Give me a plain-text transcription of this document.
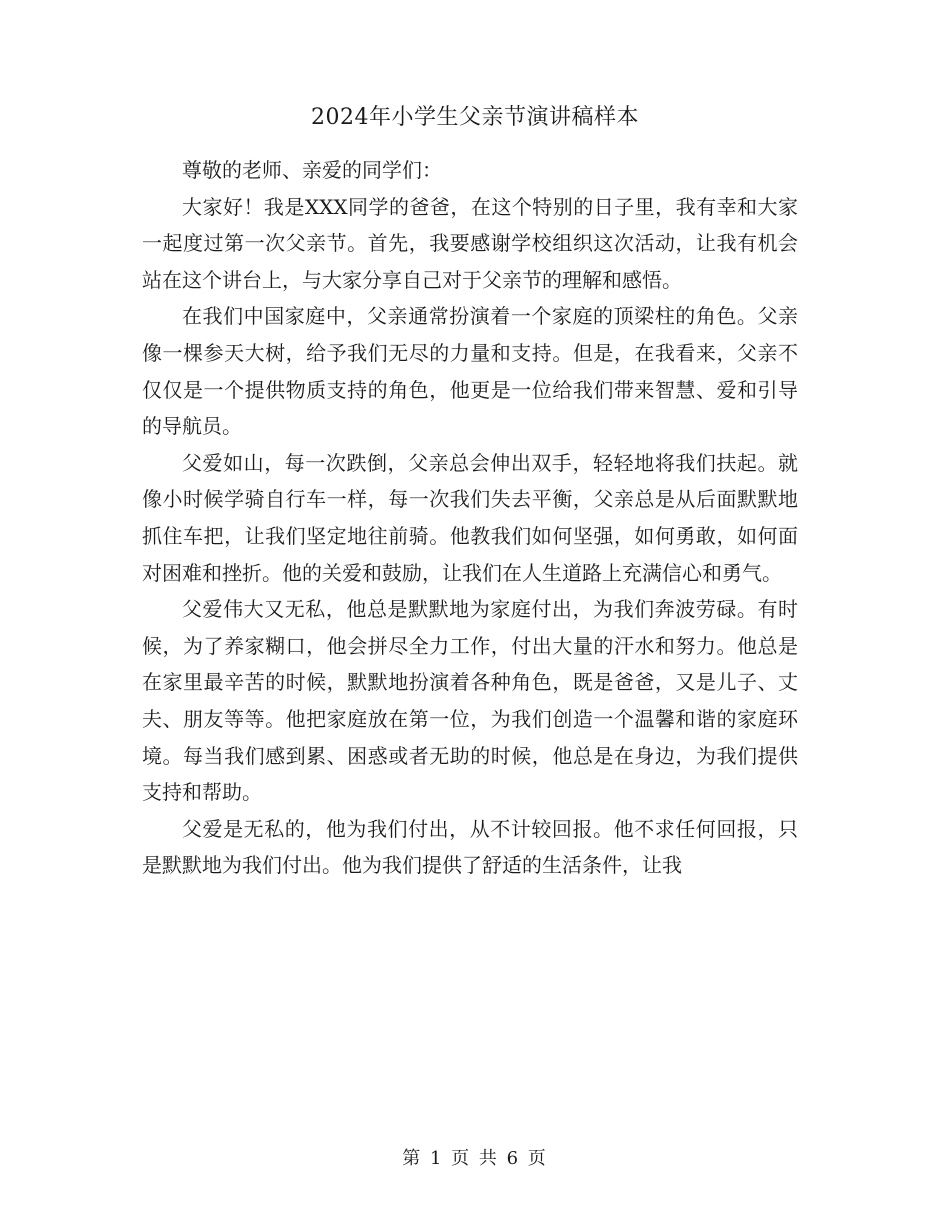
2024年小学生父亲节演讲稿样本

尊敬的老师、亲爱的同学们：

大家好！我是XXX同学的爸爸，在这个特别的日子里，我有幸和大家一起度过第一次父亲节。首先，我要感谢学校组织这次活动，让我有机会站在这个讲台上，与大家分享自己对于父亲节的理解和感悟。

在我们中国家庭中，父亲通常扮演着一个家庭的顶梁柱的角色。父亲像一棵参天大树，给予我们无尽的力量和支持。但是，在我看来，父亲不仅仅是一个提供物质支持的角色，他更是一位给我们带来智慧、爱和引导的导航员。

父爱如山，每一次跌倒，父亲总会伸出双手，轻轻地将我们扶起。就像小时候学骑自行车一样，每一次我们失去平衡，父亲总是从后面默默地抓住车把，让我们坚定地往前骑。他教我们如何坚强，如何勇敢，如何面对困难和挫折。他的关爱和鼓励，让我们在人生道路上充满信心和勇气。

父爱伟大又无私，他总是默默地为家庭付出，为我们奔波劳碌。有时候，为了养家糊口，他会拼尽全力工作，付出大量的汗水和努力。他总是在家里最辛苦的时候，默默地扮演着各种角色，既是爸爸，又是儿子、丈夫、朋友等等。他把家庭放在第一位，为我们创造一个温馨和谐的家庭环境。每当我们感到累、困惑或者无助的时候，他总是在身边，为我们提供支持和帮助。

父爱是无私的，他为我们付出，从不计较回报。他不求任何回报，只是默默地为我们付出。他为我们提供了舒适的生活条件，让我

第 1 页 共 6 页
